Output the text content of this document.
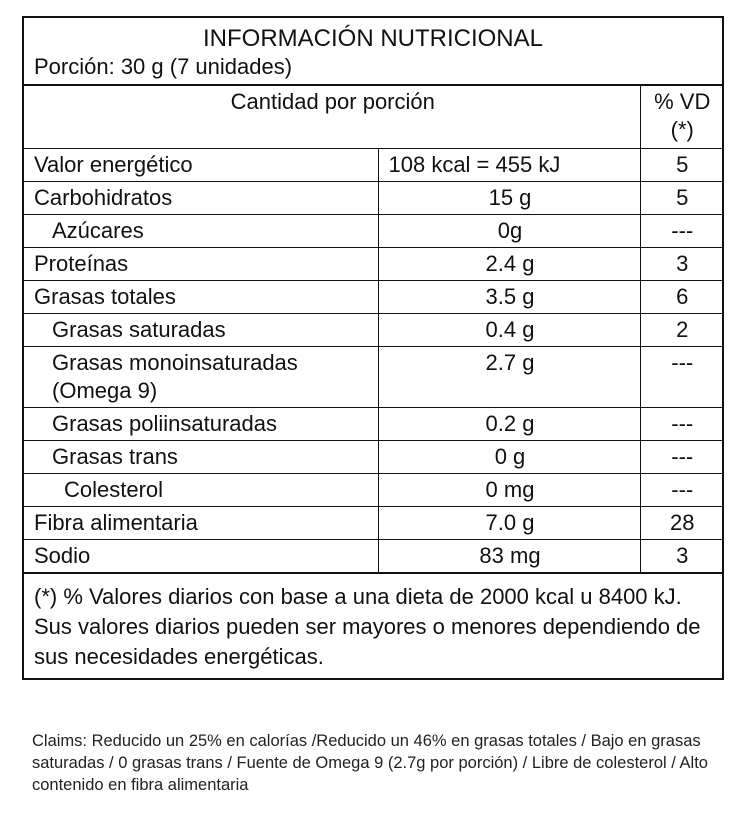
INFORMACIÓN NUTRICIONAL
Porción: 30 g (7 unidades)
Cantidad por porción		% VD (*)
Valor energético	108 kcal = 455 kJ	5
Carbohidratos	15 g	5
Azúcares	0g	---
Proteínas	2.4 g	3
Grasas totales	3.5 g	6
Grasas saturadas	0.4 g	2
Grasas monoinsaturadas (Omega 9)	2.7 g	---
Grasas poliinsaturadas	0.2 g	---
Grasas trans	0 g	---
Colesterol	0 mg	---
Fibra alimentaria	7.0 g	28
Sodio	83 mg	3
(*) % Valores diarios con base a una dieta de 2000 kcal u 8400 kJ. Sus valores diarios pueden ser mayores o menores dependiendo de sus necesidades energéticas.
Claims: Reducido un 25% en calorías /Reducido un 46% en grasas totales / Bajo en grasas saturadas / 0 grasas trans / Fuente de Omega 9 (2.7g por porción) / Libre de colesterol / Alto contenido en fibra alimentaria
